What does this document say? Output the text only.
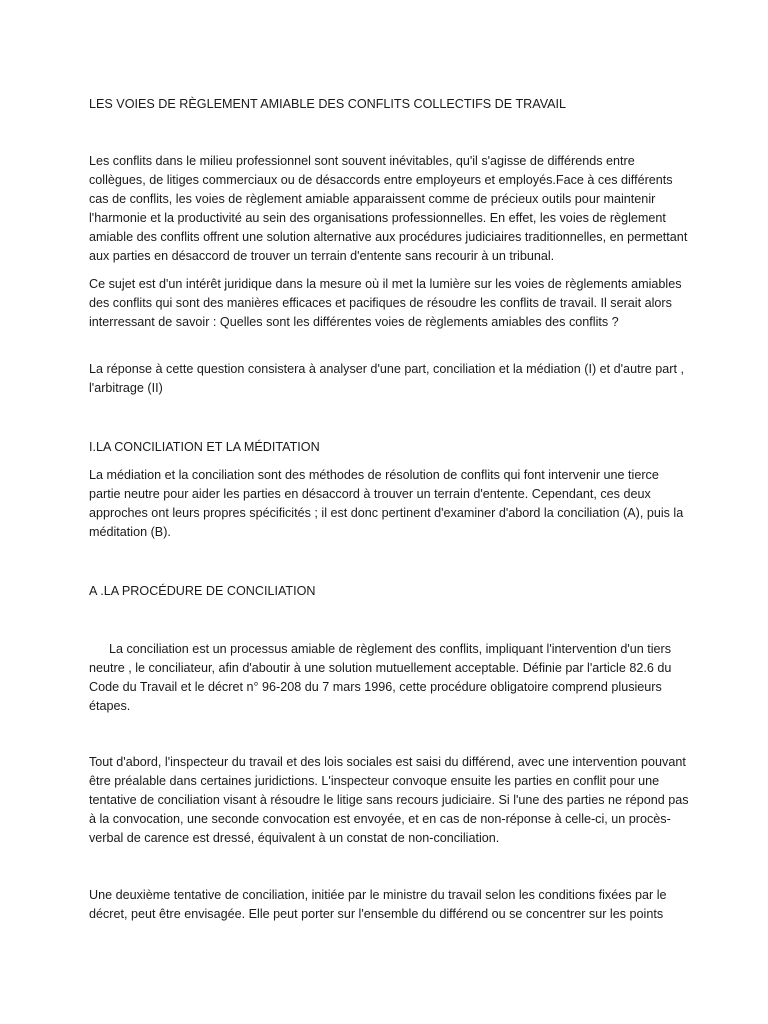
LES VOIES DE RÈGLEMENT AMIABLE DES CONFLITS COLLECTIFS DE TRAVAIL

Les conflits dans le milieu professionnel sont souvent inévitables, qu'il s'agisse de différends entre collègues, de litiges commerciaux ou de désaccords entre employeurs et employés.Face à ces différents cas de conflits, les voies de règlement amiable apparaissent comme de précieux outils pour maintenir l'harmonie et la productivité au sein des organisations professionnelles. En effet, les voies de règlement amiable des conflits offrent une solution alternative aux procédures judiciaires traditionnelles, en permettant aux parties en désaccord de trouver un terrain d'entente sans recourir à un tribunal.

Ce sujet est d'un intérêt juridique dans la mesure où il met la lumière sur les voies de règlements amiables des conflits qui sont des manières efficaces et pacifiques de résoudre les conflits de travail. Il serait alors interressant de savoir : Quelles sont les différentes voies de règlements amiables des conflits ?

La réponse à cette question consistera à analyser d'une part, conciliation et la médiation (I) et d'autre part , l'arbitrage (II)

I.LA CONCILIATION ET LA MÉDITATION

La médiation et la conciliation sont des méthodes de résolution de conflits qui font intervenir une tierce partie neutre pour aider les parties en désaccord à trouver un terrain d'entente. Cependant, ces deux approches ont leurs propres spécificités ; il est donc pertinent d'examiner d'abord la conciliation (A), puis la méditation (B).

A .LA PROCÉDURE DE CONCILIATION

La conciliation est un processus amiable de règlement des conflits, impliquant l'intervention d'un tiers neutre , le conciliateur, afin d'aboutir à une solution mutuellement acceptable. Définie par l'article 82.6 du Code du Travail et le décret n° 96-208 du 7 mars 1996, cette procédure obligatoire comprend plusieurs étapes.

Tout d'abord, l'inspecteur du travail et des lois sociales est saisi du différend, avec une intervention pouvant être préalable dans certaines juridictions. L'inspecteur convoque ensuite les parties en conflit pour une tentative de conciliation visant à résoudre le litige sans recours judiciaire. Si l'une des parties ne répond pas à la convocation, une seconde convocation est envoyée, et en cas de non-réponse à celle-ci, un procès-verbal de carence est dressé, équivalent à un constat de non-conciliation.

Une deuxième tentative de conciliation, initiée par le ministre du travail selon les conditions fixées par le décret, peut être envisagée. Elle peut porter sur l'ensemble du différend ou se concentrer sur les points
